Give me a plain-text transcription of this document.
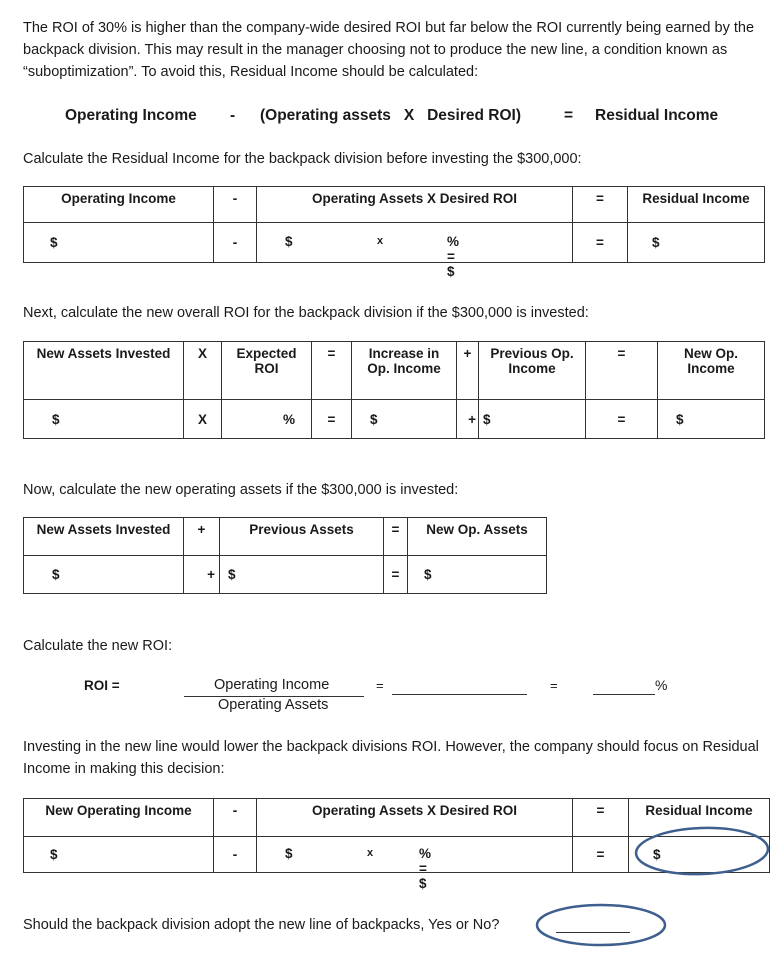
The ROI of 30% is higher than the company-wide desired ROI but far below the ROI currently being earned by the backpack division. This may result in the manager choosing not to produce the new line, a condition known as “suboptimization”. To avoid this, Residual Income should be calculated:
Operating Income - (Operating assets   X   Desired ROI)	= Residual Income
Calculate the Residual Income for the backpack division before investing the $300,000:
Operating Income	-	Operating Assets X Desired ROI	=	Residual Income
$	-	$ x % = $	=	$
Next, calculate the new overall ROI for the backpack division if the $300,000 is invested:
New Assets Invested	X	Expected ROI	=	Increase in Op. Income	+	Previous Op. Income	=	New Op. Income
$	X	%	=	$	+	$	=	$
Now, calculate the new operating assets if the $300,000 is invested:
New Assets Invested	+	Previous Assets	=	New Op. Assets
$	+	$	=	$
Calculate the new ROI:
ROI =	Operating Income
Operating Assets
=	=	%
Investing in the new line would lower the backpack divisions ROI. However, the company should focus on Residual Income in making this decision:
New Operating Income	-	Operating Assets X Desired ROI	=	Residual Income
$	-	$ x % = $	=	$
Should the backpack division adopt the new line of backpacks, Yes or No?
